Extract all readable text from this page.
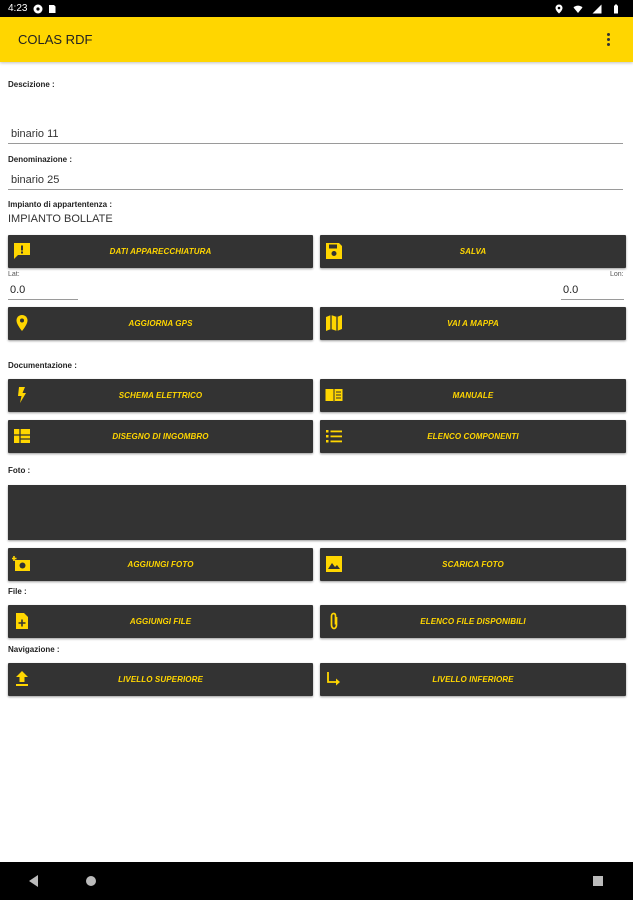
4:23
COLAS RDF
Descizione :
binario 11
Denominazione :
binario 25
Impianto di appartentenza :
IMPIANTO BOLLATE
DATI APPARECCHIATURA	SALVA
Lat:
0.0	Lon:
0.0
AGGIORNA GPS	VAI A MAPPA
Documentazione :
SCHEMA ELETTRICO	MANUALE
DISEGNO DI INGOMBRO	ELENCO COMPONENTI
Foto :
AGGIUNGI FOTO	SCARICA FOTO
File :
AGGIUNGI FILE	ELENCO FILE DISPONIBILI
Navigazione :
LIVELLO SUPERIORE	LIVELLO INFERIORE
